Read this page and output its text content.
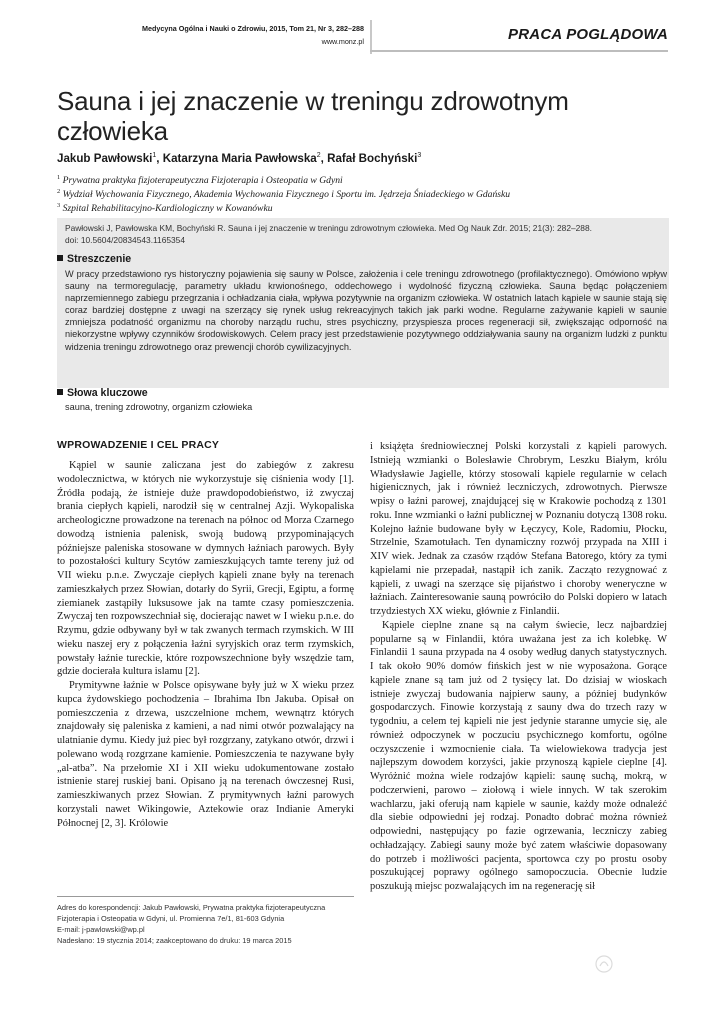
Medycyna Ogólna i Nauki o Zdrowiu, 2015, Tom 21, Nr 3, 282–288
www.monz.pl	PRACA POGLĄDOWA
Sauna i jej znaczenie w treningu zdrowotnym człowieka
Jakub Pawłowski$^1$, Katarzyna Maria Pawłowska$^2$, Rafał Bochyński$^3$
$^1$ Prywatna praktyka fizjoterapeutyczna Fizjoterapia i Osteopatia w Gdyni
$^2$ Wydział Wychowania Fizycznego, Akademia Wychowania Fizycznego i Sportu im. Jędrzeja Śniadeckiego w Gdańsku
$^3$ Szpital Rehabilitacyjno-Kardiologiczny w Kowanówku
Pawłowski J, Pawłowska KM, Bochyński R. Sauna i jej znaczenie w treningu zdrowotnym człowieka. Med Og Nauk Zdr. 2015; 21(3): 282–288.
doi: 10.5604/20834543.1165354
Streszczenie
W pracy przedstawiono rys historyczny pojawienia się sauny w Polsce, założenia i cele treningu zdrowotnego (profilaktycznego). Omówiono wpływ sauny na termoregulację, parametry układu krwionośnego, oddechowego i wydolność fizyczną człowieka. Sauna będąc połączeniem naprzemiennego zabiegu przegrzania i ochładzania ciała, wpływa pozytywnie na organizm człowieka. W ostatnich latach kąpiele w saunie stają się coraz bardziej dostępne z uwagi na szerzący się rynek usług rekreacyjnych takich jak parki wodne. Regularne zażywanie kąpieli w saunie zmniejsza podatność organizmu na choroby narządu ruchu, stres psychiczny, przyspiesza proces regeneracji sił, zwiększając odporność na niekorzystne wpływy czynników środowiskowych. Celem pracy jest przedstawienie pozytywnego oddziaływania sauny na organizm ludzki z punktu widzenia treningu zdrowotnego oraz prewencji chorób cywilizacyjnych.
Słowa kluczowe
sauna, trening zdrowotny, organizm człowieka
WPROWADZENIE I CEL PRACY

Kąpiel w saunie zaliczana jest do zabiegów z zakresu wodolecznictwa, w których nie wykorzystuje się ciśnienia wody [1]. Źródła podają, że istnieje duże prawdopodobieństwo, iż zwyczaj brania ciepłych kąpieli, narodził się w centralnej Azji. Wykopaliska archeologiczne prowadzone na terenach na północ od Morza Czarnego dowodzą istnienia palenisk, swoją budową przypominających późniejsze paleniska stosowane w dymnych łaźniach parowych. Były to pozostałości kultury Scytów zamieszkujących tamte tereny już od VII wieku p.n.e. Zwyczaje ciepłych kąpieli znane były na terenach zamieszkałych przez Słowian, dotarły do Syrii, Grecji, Egiptu, a formę ziemianek zastąpiły luksusowe jak na tamte czasy pomieszczenia. Zwyczaj ten rozpowszechniał się, docierając nawet w I wieku p.n.e. do Rzymu, gdzie odbywany był w tak zwanych termach rzymskich. W III wieku naszej ery z połączenia łaźni syryjskich oraz term rzymskich, powstały łaźnie tureckie, które rozpowszechnione były wszędzie tam, gdzie docierała kultura islamu [2].

Prymitywne łaźnie w Polsce opisywane były już w X wieku przez kupca żydowskiego pochodzenia – Ibrahima Ibn Jakuba. Opisał on pomieszczenia z drzewa, uszczelnione mchem, wewnątrz których znajdowały się paleniska z kamieni, a nad nimi otwór pozwalający na ulatnianie dymu. Kiedy już piec był rozgrzany, zatykano otwór, drzwi i polewano wodą rozgrzane kamienie. Pomieszczenia te nazywane były „al-atba”. Na przełomie XI i XII wieku udokumentowane zostało istnienie starej ruskiej bani. Opisano ją na terenach ówczesnej Rusi, zamieszkiwanych przez Słowian. Z prymitywnych łaźni parowych korzystali nawet Wikingowie, Aztekowie oraz Indianie Ameryki Północnej [2, 3]. Królowie

i książęta średniowiecznej Polski korzystali z kąpieli parowych. Istnieją wzmianki o Bolesławie Chrobrym, Leszku Białym, królu Władysławie Jagielle, którzy stosowali kąpiele regularnie w celach higienicznych, jak i również leczniczych, zdrowotnych. Pierwsze wpisy o łaźni parowej, znajdującej się w Krakowie pochodzą z 1301 roku. Inne wzmianki o łaźni publicznej w Poznaniu dotyczą 1308 roku. Kolejno łaźnie budowane były w Łęczycy, Kole, Radomiu, Płocku, Strzelnie, Szamotułach. Ten dynamiczny rozwój przypada na XIII i XIV wiek. Jednak za czasów rządów Stefana Batorego, który za tymi kąpielami nie przepadał, nastąpił ich zanik. Zacząto rezygnować z kąpieli, z uwagi na szerzące się pijaństwo i choroby weneryczne w łaźniach. Zainteresowanie sauną powróciło do Polski dopiero w latach trzydziestych XX wieku, głównie z Finlandii.

Kąpiele cieplne znane są na całym świecie, lecz najbardziej popularne są w Finlandii, która uważana jest za ich kolebkę. W Finlandii 1 sauna przypada na 4 osoby według danych statystycznych. I tak około 90% domów fińskich jest w nie wyposażona. Gorące kąpiele znane są tam już od 2 tysięcy lat. Do dzisiaj w wioskach istnieje zwyczaj budowania najpierw sauny, a później budynków gospodarczych. Finowie korzystają z sauny dwa do trzech razy w tygodniu, a celem tej kąpieli nie jest jedynie staranne umycie się, ale również odpoczynek w poczuciu psychicznego komfortu, ogólne oczyszczenie i wzmocnienie ciała. Ta wielowiekowa tradycja jest najlepszym dowodem korzyści, jakie przynoszą kąpiele cieplne [4]. Wyróżnić można wiele rodzajów kąpieli: saunę suchą, mokrą, w podczerwieni, parowo – ziołową i wiele innych. W tak szerokim wachlarzu, jaki oferują nam kąpiele w saunie, każdy może odnaleźć dla siebie odpowiedni jej rodzaj. Ponadto dobrać można również odpowiedni, następujący po fazie ogrzewania, leczniczy zabieg ochładzający. Zabiegi sauny może być zatem właściwie dopasowany do potrzeb i możliwości pacjenta, sportowca czy po prostu osoby poszukującej poprawy ogólnego samopoczucia. Obecnie ludzie poszukują miejsc pozwalających im na regenerację sił

Adres do korespondencji: Jakub Pawłowski, Prywatna praktyka fizjoterapeutyczna
Fizjoterapia i Osteopatia w Gdyni, ul. Promienna 7e/1, 81-603 Gdynia
E-mail: j-pawlowski@wp.pl
Nadesłano: 19 stycznia 2014; zaakceptowano do druku: 19 marca 2015
